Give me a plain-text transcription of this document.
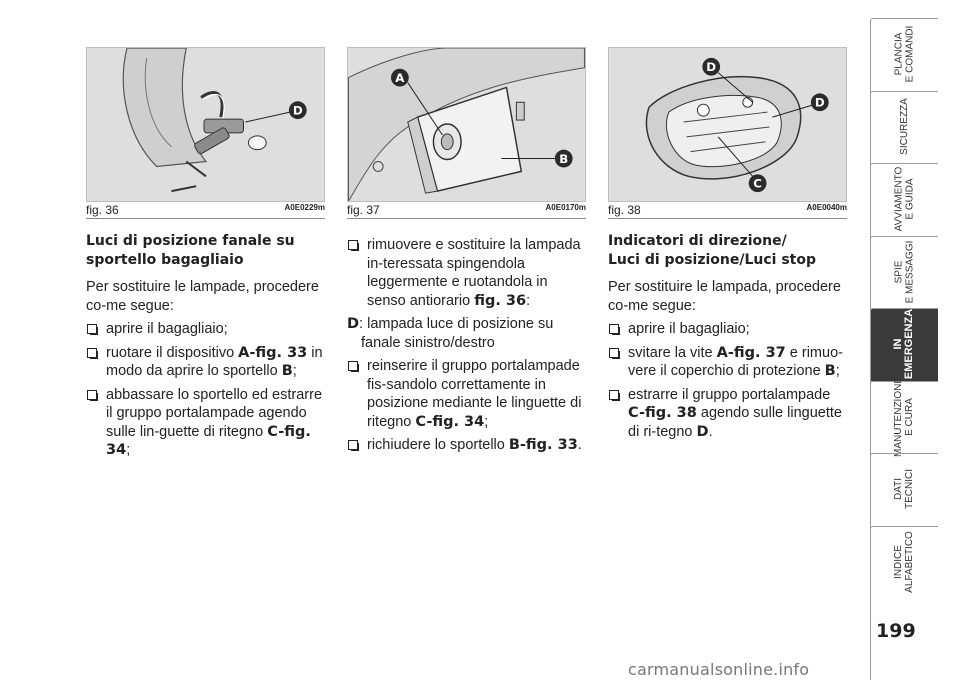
D
fig. 36	A0E0229m
A
B
fig. 37	A0E0170m
D
D
C
fig. 38	A0E0040m
Luci di posizione fanale su
sportello bagagliaio

Per sostituire le lampade, procedere co-me segue:

aprire il bagagliaio;
ruotare il dispositivo A-fig. 33 in modo da aprire lo sportello B;
abbassare lo sportello ed estrarre il gruppo portalampade agendo sulle lin-guette di ritegno C-fig. 34;
rimuovere e sostituire la lampada in-teressata spingendola leggermente e ruotandola in senso antiorario fig. 36:

D: lampada luce di posizione su fanale sinistro/destro

reinserire il gruppo portalampade fis-sandolo correttamente in posizione mediante le linguette di ritegno C-fig. 34;
richiudere lo sportello B-fig. 33.
Indicatori di direzione/
Luci di posizione/Luci stop

Per sostituire le lampada, procedere co-me segue:

aprire il bagagliaio;
svitare la vite A-fig. 37 e rimuo-vere il coperchio di protezione B;
estrarre il gruppo portalampade C-fig. 38 agendo sulle linguette di ri-tegno D.
PLANCIA
E COMANDI
SICUREZZA
AVVIAMENTO
E GUIDA
SPIE
E MESSAGGI
IN
EMERGENZA
MANUTENZIONE
E CURA
DATI
TECNICI
INDICE
ALFABETICO
199
carmanualsonline.info
